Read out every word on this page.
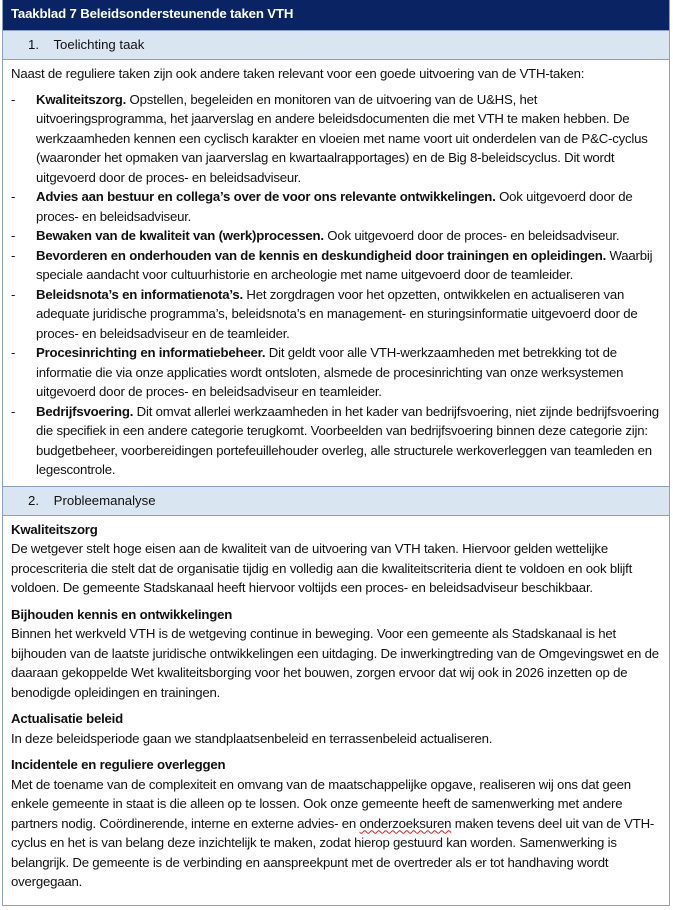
Taakblad 7 Beleidsondersteunende taken VTH
1. Toelichting taak

Naast de reguliere taken zijn ook andere taken relevant voor een goede uitvoering van de VTH-taken:

-	Kwaliteitszorg. Opstellen, begeleiden en monitoren van de uitvoering van de U&HS, het uitvoeringsprogramma, het jaarverslag en andere beleidsdocumenten die met VTH te maken hebben. De werkzaamheden kennen een cyclisch karakter en vloeien met name voort uit onderdelen van de P&C-cyclus (waaronder het opmaken van jaarverslag en kwartaalrapportages) en de Big 8-beleidscyclus. Dit wordt uitgevoerd door de proces- en beleidsadviseur.
-	Advies aan bestuur en collega’s over de voor ons relevante ontwikkelingen. Ook uitgevoerd door de proces- en beleidsadviseur.
-	Bewaken van de kwaliteit van (werk)processen. Ook uitgevoerd door de proces- en beleidsadviseur.
-	Bevorderen en onderhouden van de kennis en deskundigheid door trainingen en opleidingen. Waarbij speciale aandacht voor cultuurhistorie en archeologie met name uitgevoerd door de teamleider.
-	Beleidsnota’s en informatienota’s. Het zorgdragen voor het opzetten, ontwikkelen en actualiseren van adequate juridische programma’s, beleidsnota’s en management- en sturingsinformatie uitgevoerd door de proces- en beleidsadviseur en de teamleider.
-	Procesinrichting en informatiebeheer. Dit geldt voor alle VTH-werkzaamheden met betrekking tot de informatie die via onze applicaties wordt ontsloten, alsmede de procesinrichting van onze werksystemen uitgevoerd door de proces- en beleidsadviseur en teamleider.
-	Bedrijfsvoering. Dit omvat allerlei werkzaamheden in het kader van bedrijfsvoering, niet zijnde bedrijfsvoering die specifiek in een andere categorie terugkomt. Voorbeelden van bedrijfsvoering binnen deze categorie zijn: budgetbeheer, voorbereidingen portefeuillehouder overleg, alle structurele werkoverleggen van teamleden en legescontrole.
2. Probleemanalyse
Kwaliteitszorg

De wetgever stelt hoge eisen aan de kwaliteit van de uitvoering van VTH taken. Hiervoor gelden wettelijke procescriteria die stelt dat de organisatie tijdig en volledig aan die kwaliteitscriteria dient te voldoen en ook blijft voldoen. De gemeente Stadskanaal heeft hiervoor voltijds een proces- en beleidsadviseur beschikbaar.

Bijhouden kennis en ontwikkelingen

Binnen het werkveld VTH is de wetgeving continue in beweging. Voor een gemeente als Stadskanaal is het bijhouden van de laatste juridische ontwikkelingen een uitdaging. De inwerkingtreding van de Omgevingswet en de daaraan gekoppelde Wet kwaliteitsborging voor het bouwen, zorgen ervoor dat wij ook in 2026 inzetten op de benodigde opleidingen en trainingen.

Actualisatie beleid

In deze beleidsperiode gaan we standplaatsenbeleid en terrassenbeleid actualiseren.

Incidentele en reguliere overleggen

Met de toename van de complexiteit en omvang van de maatschappelijke opgave, realiseren wij ons dat geen enkele gemeente in staat is die alleen op te lossen. Ook onze gemeente heeft de samenwerking met andere partners nodig. Coördinerende, interne en externe advies- en onderzoeksuren maken tevens deel uit van de VTH-cyclus en het is van belang deze inzichtelijk te maken, zodat hierop gestuurd kan worden. Samenwerking is belangrijk. De gemeente is de verbinding en aanspreekpunt met de overtreder als er tot handhaving wordt overgegaan.
